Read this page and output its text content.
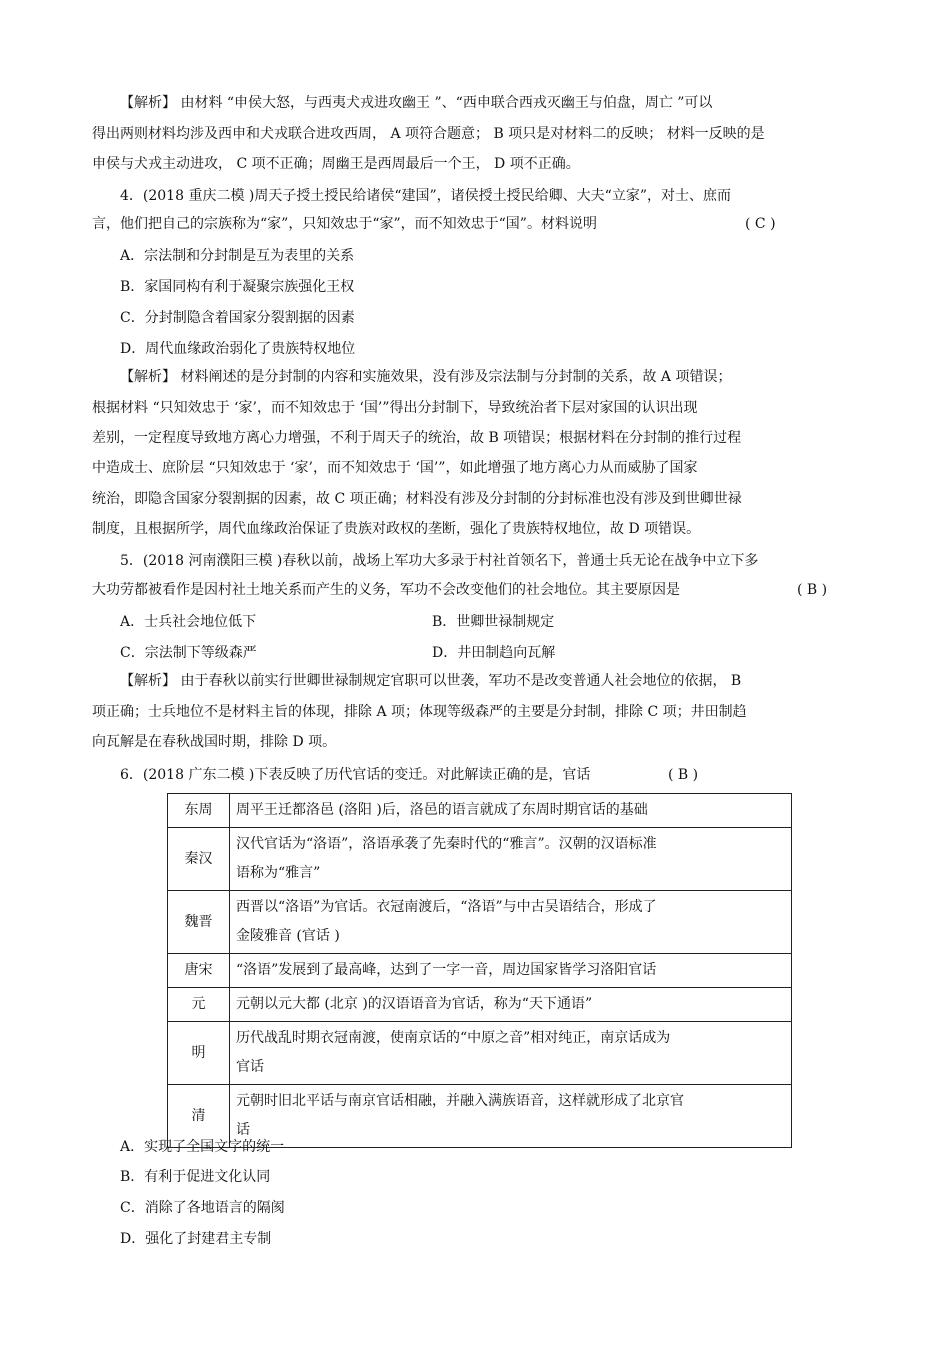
【解析】 由材料 “申侯大怒，与西夷犬戎进攻幽王 ”、“西申联合西戎灭幽王与伯盘，周亡 ”可以
得出两则材料均涉及西申和犬戎联合进攻西周， A 项符合题意； B 项只是对材料二的反映； 材料一反映的是
申侯与犬戎主动进攻， C 项不正确；周幽王是西周最后一个王， D 项不正确。
4．(2018 重庆二模 )周天子授土授民给诸侯“建国”，诸侯授土授民给卿、大夫“立家”，对士、庶而
言，他们把自己的宗族称为“家”，只知效忠于“家”，而不知效忠于“国”。材料说明	( C )
A．宗法制和分封制是互为表里的关系
B．家国同构有利于凝聚宗族强化王权
C．分封制隐含着国家分裂割据的因素
D．周代血缘政治弱化了贵族特权地位
【解析】 材料阐述的是分封制的内容和实施效果，没有涉及宗法制与分封制的关系，故 A 项错误；
根据材料 “只知效忠于 ‘家’，而不知效忠于 ‘国’”得出分封制下，导致统治者下层对家国的认识出现
差别，一定程度导致地方离心力增强，不利于周天子的统治，故 B 项错误；根据材料在分封制的推行过程
中造成士、庶阶层 “只知效忠于 ‘家’，而不知效忠于 ‘国’”，如此增强了地方离心力从而威胁了国家
统治，即隐含国家分裂割据的因素，故 C 项正确；材料没有涉及分封制的分封标准也没有涉及到世卿世禄
制度，且根据所学，周代血缘政治保证了贵族对政权的垄断，强化了贵族特权地位，故 D 项错误。
5．(2018 河南濮阳三模 )春秋以前，战场上军功大多录于村社首领名下，普通士兵无论在战争中立下多
大功劳都被看作是因村社土地关系而产生的义务，军功不会改变他们的社会地位。其主要原因是	( B )
A．士兵社会地位低下	B．世卿世禄制规定
C．宗法制下等级森严	D．井田制趋向瓦解
【解析】 由于春秋以前实行世卿世禄制规定官职可以世袭，军功不是改变普通人社会地位的依据， B
项正确；士兵地位不是材料主旨的体现，排除 A 项；体现等级森严的主要是分封制，排除 C 项；井田制趋
向瓦解是在春秋战国时期，排除 D 项。
6．(2018 广东二模 )下表反映了历代官话的变迁。对此解读正确的是，官话	( B )
东周	周平王迁都洛邑 (洛阳 )后，洛邑的语言就成了东周时期官话的基础
秦汉	汉代官话为“洛语”，洛语承袭了先秦时代的“雅言”。汉朝的汉语标准
语称为“雅言”
魏晋	西晋以“洛语”为官话。衣冠南渡后，“洛语”与中古吴语结合，形成了
金陵雅音 (官话 )
唐宋	“洛语”发展到了最高峰，达到了一字一音，周边国家皆学习洛阳官话
元	元朝以元大都 (北京 )的汉语语音为官话，称为“天下通语”
明	历代战乱时期衣冠南渡，使南京话的“中原之音”相对纯正，南京话成为
官话
清	元朝时旧北平话与南京官话相融，并融入满族语音，这样就形成了北京官
话
A．实现了全国文字的统一
B．有利于促进文化认同
C．消除了各地语言的隔阂
D．强化了封建君主专制
